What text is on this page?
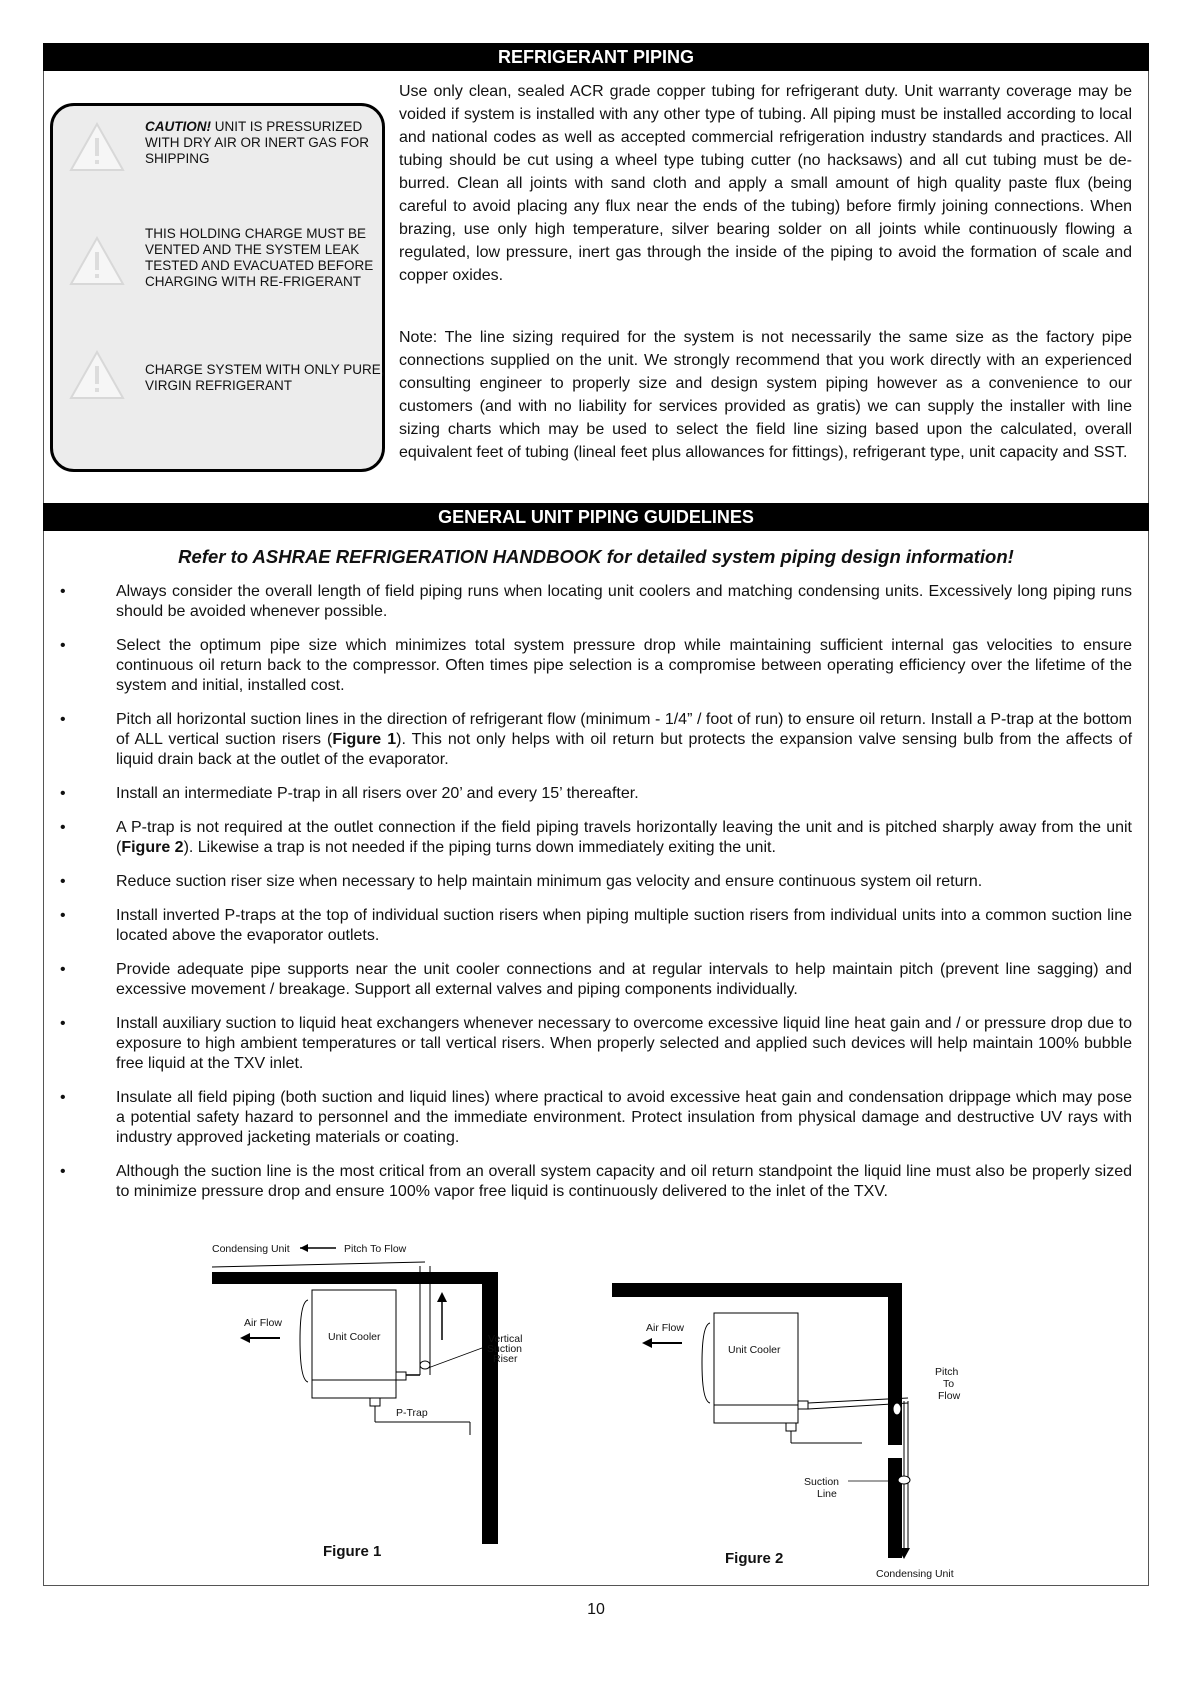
REFRIGERANT PIPING
CAUTION! UNIT IS PRESSURIZED WITH DRY AIR OR INERT GAS FOR SHIPPING
THIS HOLDING CHARGE MUST BE VENTED AND THE SYSTEM LEAK TESTED AND EVACUATED BEFORE CHARGING WITH RE-FRIGERANT
CHARGE SYSTEM WITH ONLY PURE, VIRGIN REFRIGERANT

Use only clean, sealed ACR grade copper tubing for refrigerant duty. Unit warranty coverage may be voided if system is installed with any other type of tubing. All piping must be installed according to local and national codes as well as accepted commercial refrigeration industry standards and practices. All tubing should be cut using a wheel type tubing cutter (no hacksaws) and all cut tubing must be de-burred. Clean all joints with sand cloth and apply a small amount of high quality paste flux (being careful to avoid placing any flux near the ends of the tubing) before firmly joining connections. When brazing, use only high temperature, silver bearing solder on all joints while continuously flowing a regulated, low pressure, inert gas through the inside of the piping to avoid the formation of scale and copper oxides.

Note: The line sizing required for the system is not necessarily the same size as the factory pipe connections supplied on the unit. We strongly recommend that you work directly with an experienced consulting engineer to properly size and design system piping however as a convenience to our customers (and with no liability for services provided as gratis) we can supply the installer with line sizing charts which may be used to select the field line sizing based upon the calculated, overall equivalent feet of tubing (lineal feet plus allowances for fittings), refrigerant type, unit capacity and SST.

GENERAL UNIT PIPING GUIDELINES
Refer to ASHRAE REFRIGERATION HANDBOOK for detailed system piping design information!
•	Always consider the overall length of field piping runs when locating unit coolers and matching condensing units. Excessively long piping runs should be avoided whenever possible.
•	Select the optimum pipe size which minimizes total system pressure drop while maintaining sufficient internal gas velocities to ensure continuous oil return back to the compressor. Often times pipe selection is a compromise between operating efficiency over the lifetime of the system and initial, installed cost.
•	Pitch all horizontal suction lines in the direction of refrigerant flow (minimum - 1/4” / foot of run) to ensure oil return. Install a P-trap at the bottom of ALL vertical suction risers (Figure 1). This not only helps with oil return but protects the expansion valve sensing bulb from the affects of liquid drain back at the outlet of the evaporator.
•	Install an intermediate P-trap in all risers over 20’ and every 15’ thereafter.
•	A P-trap is not required at the outlet connection if the field piping travels horizontally leaving the unit and is pitched sharply away from the unit (Figure 2). Likewise a trap is not needed if the piping turns down immediately exiting the unit.
•	Reduce suction riser size when necessary to help maintain minimum gas velocity and ensure continuous system oil return.
•	Install inverted P-traps at the top of individual suction risers when piping multiple suction risers from individual units into a common suction line located above the evaporator outlets.
•	Provide adequate pipe supports near the unit cooler connections and at regular intervals to help maintain pitch (prevent line sagging) and excessive movement / breakage. Support all external valves and piping components individually.
•	Install auxiliary suction to liquid heat exchangers whenever necessary to overcome excessive liquid line heat gain and / or pressure drop due to exposure to high ambient temperatures or tall vertical risers. When properly selected and applied such devices will help maintain 100% bubble free liquid at the TXV inlet.
•	Insulate all field piping (both suction and liquid lines) where practical to avoid excessive heat gain and condensation drippage which may pose a potential safety hazard to personnel and the immediate environment. Protect insulation from physical damage and destructive UV rays with industry approved jacketing materials or coating.
•	Although the suction line is the most critical from an overall system capacity and oil return standpoint the liquid line must also be properly sized to minimize pressure drop and ensure 100% vapor free liquid is continuously delivered to the inlet of the TXV.
Condensing Unit	Pitch To Flow
Air Flow
Unit Cooler	Vertical
Suction
Riser
P-Trap
Figure 1
Air Flow
Unit Cooler
Pitch
To
Flow
Suction
Line
Condensing Unit
Figure 2
10
